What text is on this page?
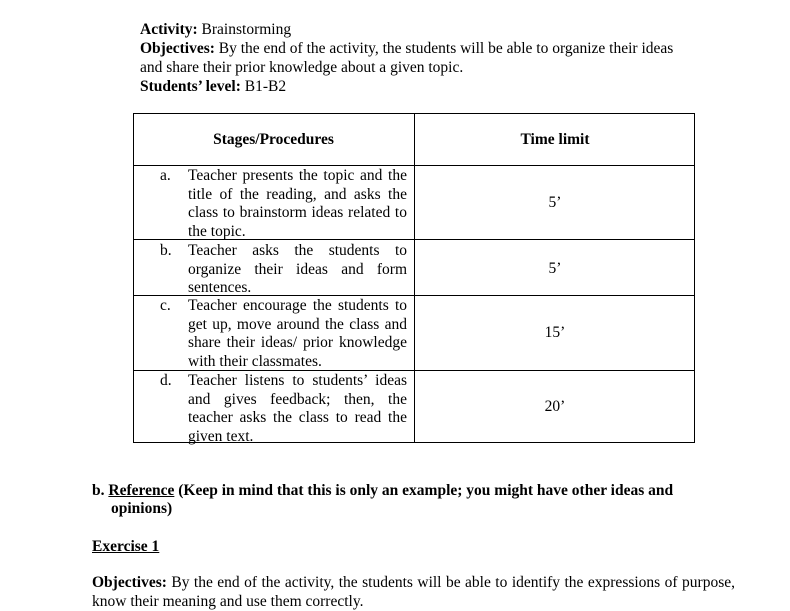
Activity: Brainstorming
Objectives: By the end of the activity, the students will be able to organize their ideas
and share their prior knowledge about a given topic.
Students’ level: B1-B2
Stages/Procedures	Time limit
a. Teacher presents the topic and the title of the reading, and asks the class to brainstorm ideas related to the topic.
5’
b. Teacher asks the students to organize their ideas and form sentences.
5’
c. Teacher encourage the students to get up, move around the class and share their ideas/ prior knowledge with their classmates.
15’
d. Teacher listens to students’ ideas and gives feedback; then, the teacher asks the class to read the given text.
20’
b. Reference (Keep in mind that this is only an example; you might have other ideas and
opinions)
Exercise 1
Objectives: By the end of the activity, the students will be able to identify the expressions of purpose, know their meaning and use them correctly.
